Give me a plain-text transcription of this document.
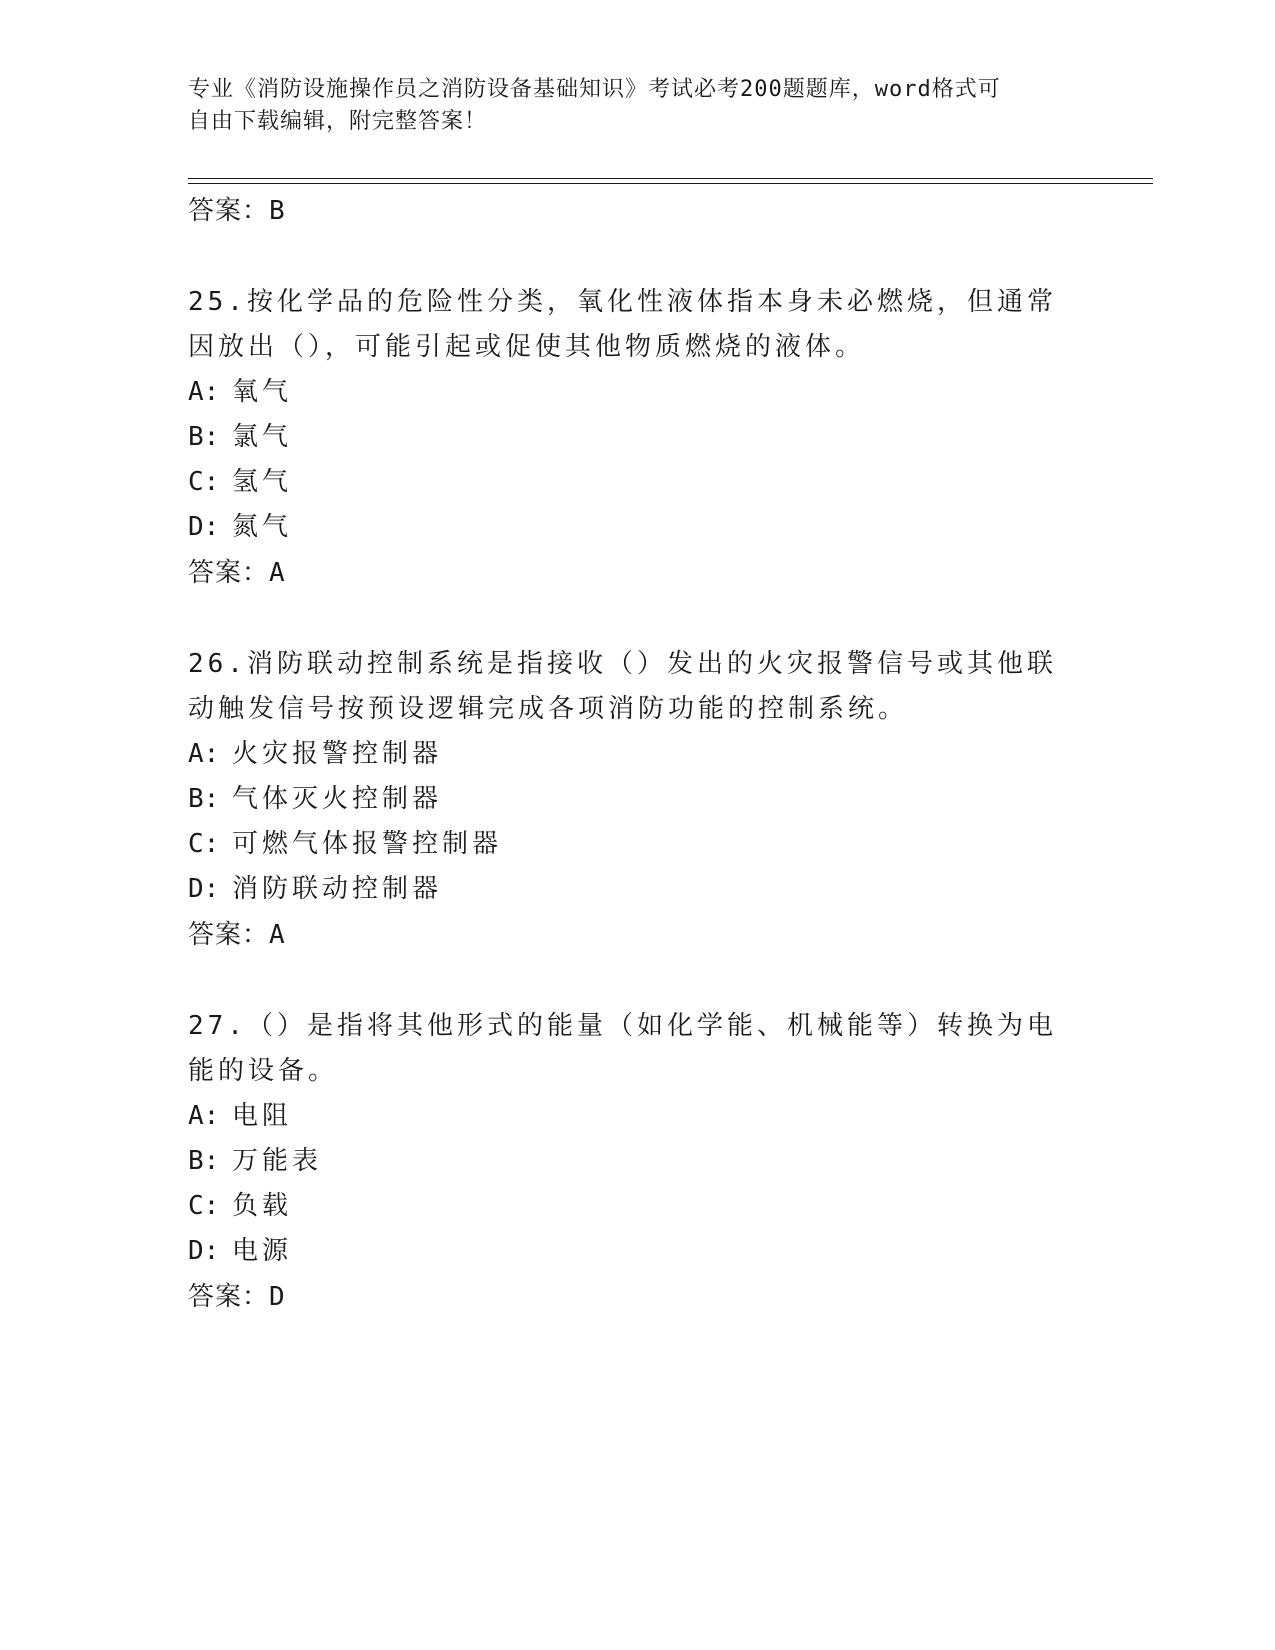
专业《消防设施操作员之消防设备基础知识》考试必考200题题库，word格式可
自由下载编辑，附完整答案！
答案：B
25.按化学品的危险性分类，氧化性液体指本身未必燃烧，但通常因放出（），可能引起或促使其他物质燃烧的液体。
A: 氧气
B: 氯气
C: 氢气
D: 氮气
答案：A
26.消防联动控制系统是指接收（）发出的火灾报警信号或其他联动触发信号按预设逻辑完成各项消防功能的控制系统。
A: 火灾报警控制器
B: 气体灭火控制器
C: 可燃气体报警控制器
D: 消防联动控制器
答案：A
27.（）是指将其他形式的能量（如化学能、机械能等）转换为电能的设备。
A: 电阻
B: 万能表
C: 负载
D: 电源
答案：D
